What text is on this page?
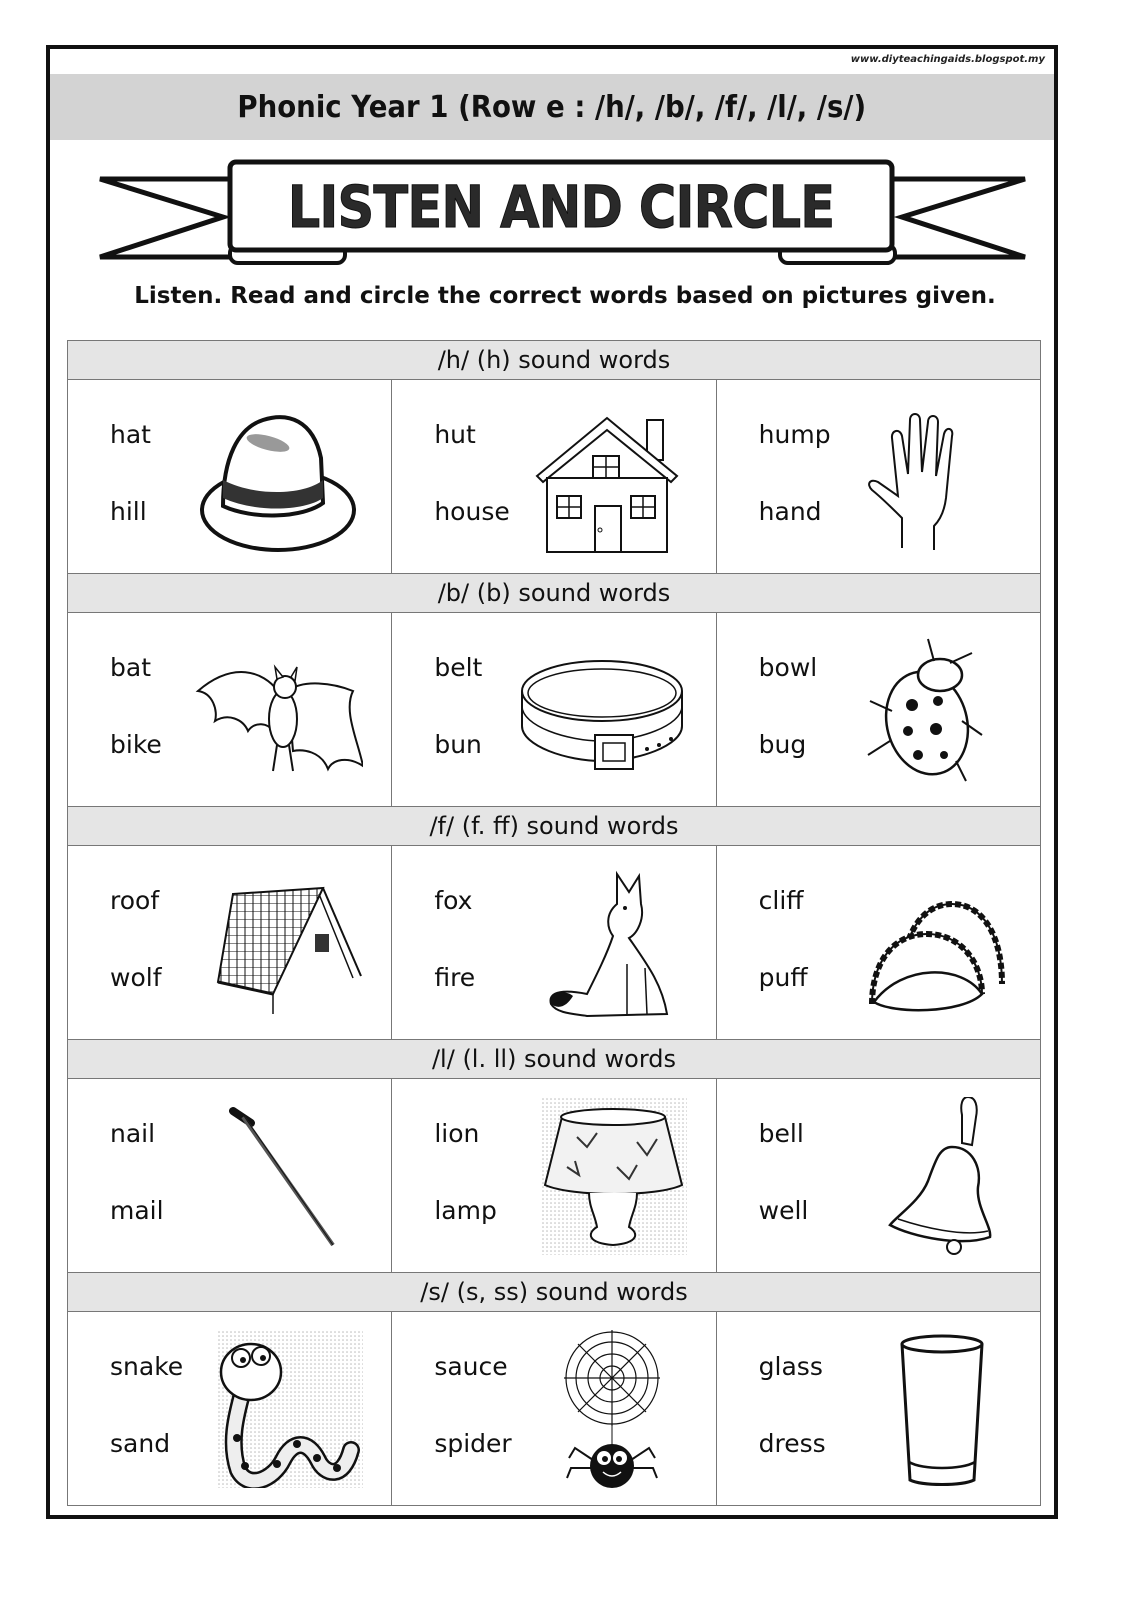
www.diyteachingaids.blogspot.my
Phonic Year 1 (Row e : /h/, /b/, /f/, /l/, /s/)
LISTEN AND CIRCLE
Listen. Read and circle the correct words based on pictures given.
/h/ (h) sound words
hat
hill
hut
house
hump
hand
/b/ (b) sound words
bat
bike
belt
bun
bowl
bug
/f/ (f. ff) sound words
roof
wolf
fox
fire
cliff
puff
/l/ (l. ll) sound words
nail
mail
lion
lamp
bell
well
/s/ (s, ss) sound words
snake
sand
sauce
spider
glass
dress
